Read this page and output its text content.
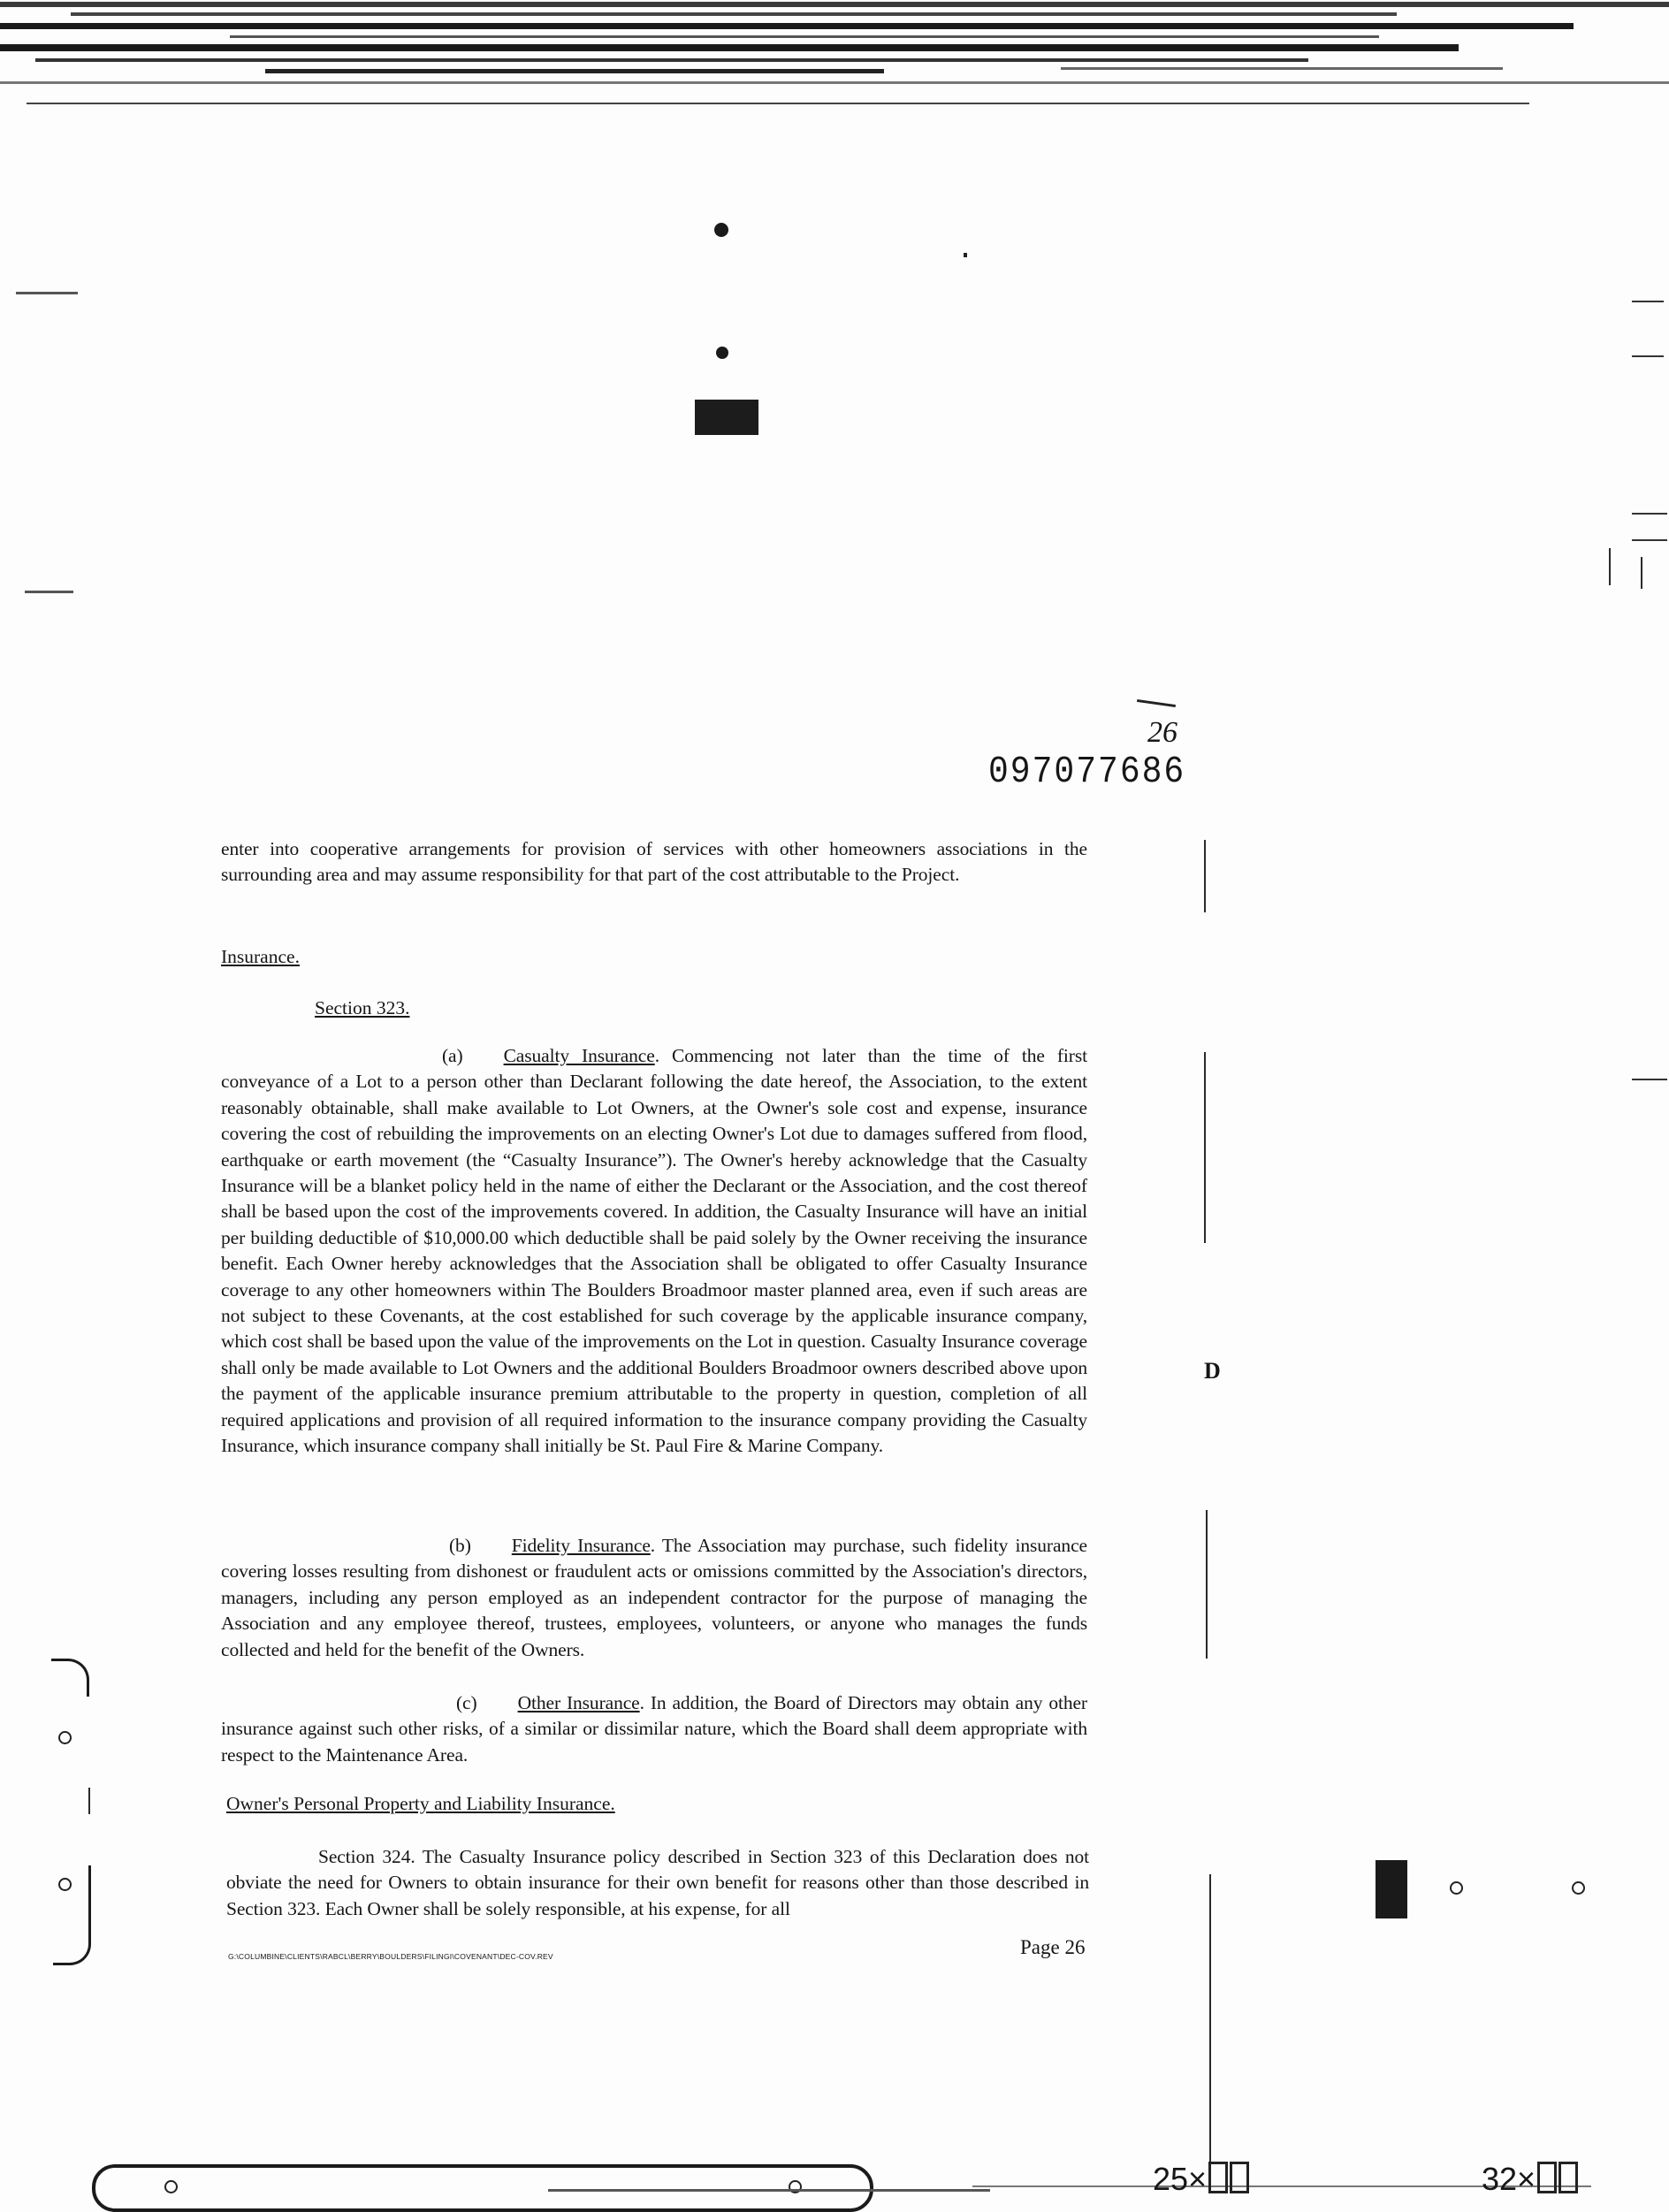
26
097077686
D
enter into cooperative arrangements for provision of services with other homeowners associations in the surrounding area and may assume responsibility for that part of the cost attributable to the Project.
Insurance.
Section 323.
(a) Casualty Insurance. Commencing not later than the time of the first conveyance of a Lot to a person other than Declarant following the date hereof, the Association, to the extent reasonably obtainable, shall make available to Lot Owners, at the Owner's sole cost and expense, insurance covering the cost of rebuilding the improvements on an electing Owner's Lot due to damages suffered from flood, earthquake or earth movement (the “Casualty Insurance”). The Owner's hereby acknowledge that the Casualty Insurance will be a blanket policy held in the name of either the Declarant or the Association, and the cost thereof shall be based upon the cost of the improvements covered. In addition, the Casualty Insurance will have an initial per building deductible of $10,000.00 which deductible shall be paid solely by the Owner receiving the insurance benefit. Each Owner hereby acknowledges that the Association shall be obligated to offer Casualty Insurance coverage to any other homeowners within The Boulders Broadmoor master planned area, even if such areas are not subject to these Covenants, at the cost established for such coverage by the applicable insurance company, which cost shall be based upon the value of the improvements on the Lot in question. Casualty Insurance coverage shall only be made available to Lot Owners and the additional Boulders Broadmoor owners described above upon the payment of the applicable insurance premium attributable to the property in question, completion of all required applications and provision of all required information to the insurance company providing the Casualty Insurance, which insurance company shall initially be St. Paul Fire & Marine Company.
(b) Fidelity Insurance. The Association may purchase, such fidelity insurance covering losses resulting from dishonest or fraudulent acts or omissions committed by the Association's directors, managers, including any person employed as an independent contractor for the purpose of managing the Association and any employee thereof, trustees, employees, volunteers, or anyone who manages the funds collected and held for the benefit of the Owners.
(c) Other Insurance. In addition, the Board of Directors may obtain any other insurance against such other risks, of a similar or dissimilar nature, which the Board shall deem appropriate with respect to the Maintenance Area.
Owner's Personal Property and Liability Insurance.
Section 324. The Casualty Insurance policy described in Section 323 of this Declaration does not obviate the need for Owners to obtain insurance for their own benefit for reasons other than those described in Section 323. Each Owner shall be solely responsible, at his expense, for all
G:\COLUMBINE\CLIENTS\RABCL\BERRY\BOULDERS\FILINGI\COVENANT\DEC-COV.REV	Page 26
25×	32×
